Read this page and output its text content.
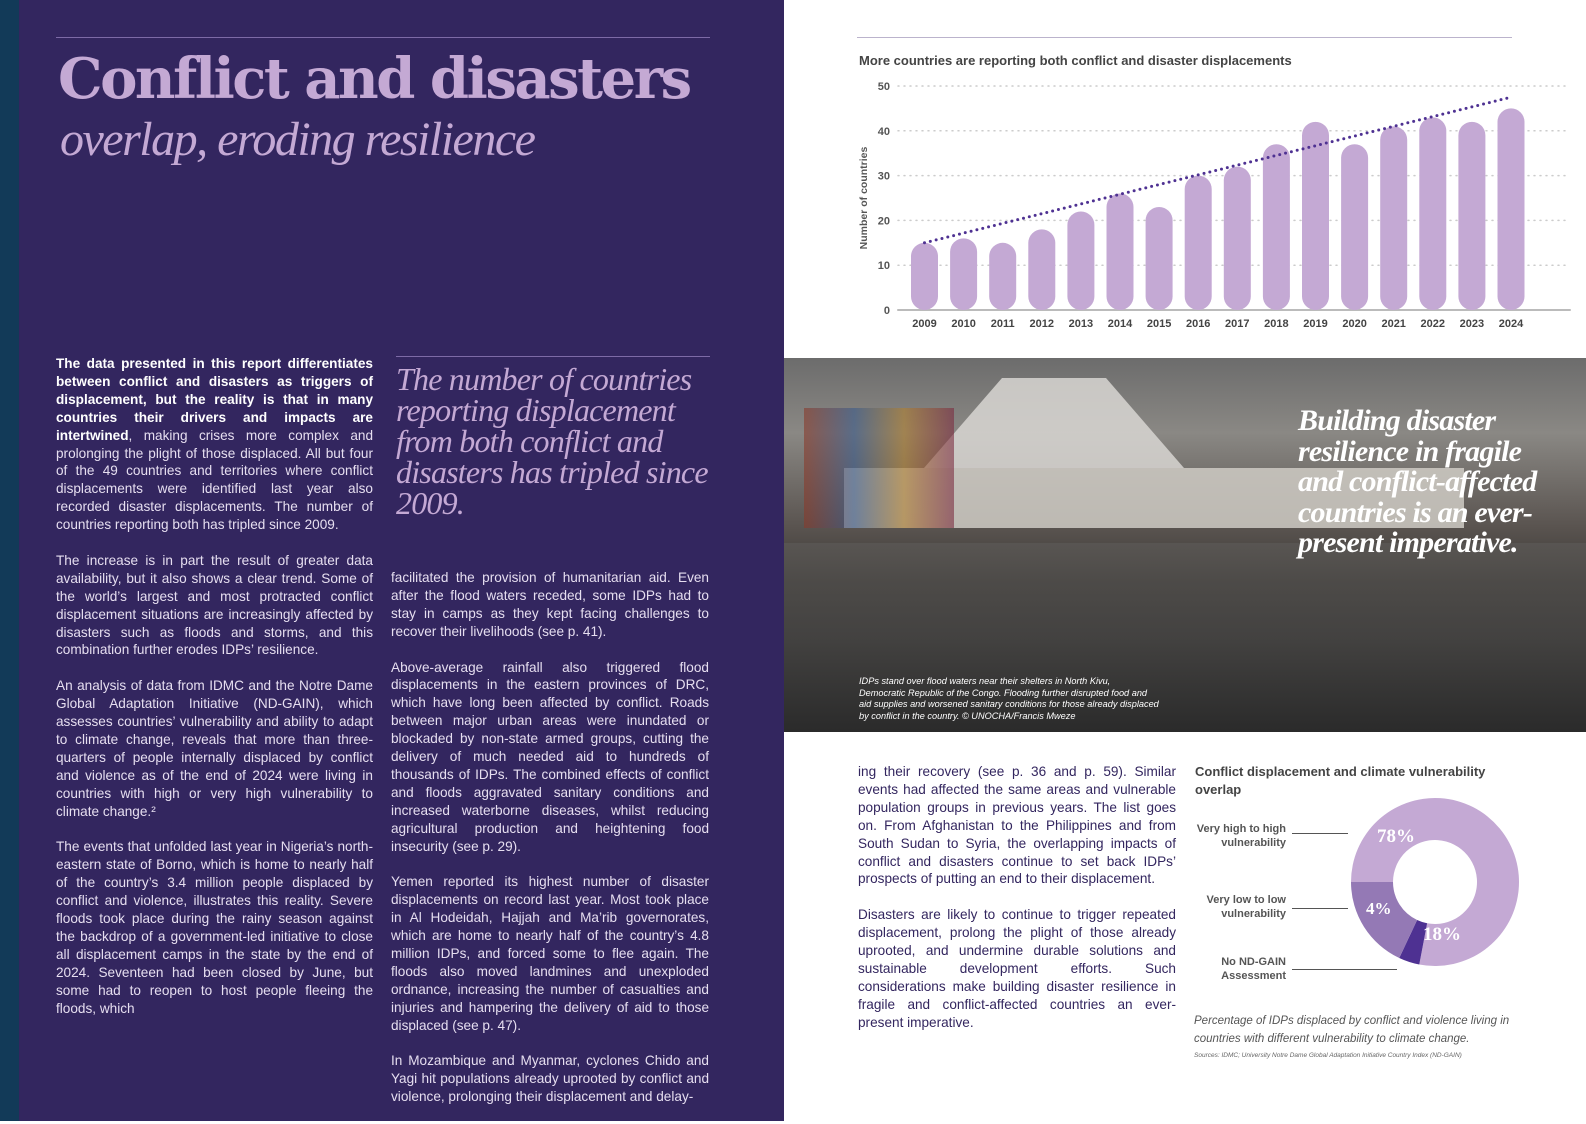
Conflict and disasters
overlap, eroding resilience

The data presented in this report differentiates between conflict and disasters as triggers of displacement, but the reality is that in many countries their drivers and impacts are intertwined, making crises more complex and prolonging the plight of those displaced. All but four of the 49 countries and territories where conflict displacements were identified last year also recorded disaster displacements. The number of countries reporting both has tripled since 2009.

The increase is in part the result of greater data availability, but it also shows a clear trend. Some of the world’s largest and most protracted conflict displacement situations are increasingly affected by disasters such as floods and storms, and this combination further erodes IDPs’ resilience.

An analysis of data from IDMC and the Notre Dame Global Adaptation Initiative (ND-GAIN), which assesses countries’ vulnerability and ability to adapt to climate change, reveals that more than three-quarters of people internally displaced by conflict and violence as of the end of 2024 were living in countries with high or very high vulnerability to climate change.²

The events that unfolded last year in Nigeria’s north-eastern state of Borno, which is home to nearly half of the country’s 3.4 million people displaced by conflict and violence, illustrates this reality. Severe floods took place during the rainy season against the backdrop of a government-led initiative to close all displacement camps in the state by the end of 2024. Seventeen had been closed by June, but some had to reopen to host people fleeing the floods, which

The number of countries reporting displacement from both conflict and disasters has tripled since 2009.

facilitated the provision of humanitarian aid. Even after the flood waters receded, some IDPs had to stay in camps as they kept facing challenges to recover their livelihoods (see p. 41).

Above-average rainfall also triggered flood displacements in the eastern provinces of DRC, which have long been affected by conflict. Roads between major urban areas were inundated or blockaded by non-state armed groups, cutting the delivery of much needed aid to hundreds of thousands of IDPs. The combined effects of conflict and floods aggravated sanitary conditions and increased waterborne diseases, whilst reducing agricultural production and heightening food insecurity (see p. 29).

Yemen reported its highest number of disaster displacements on record last year. Most took place in Al Hodeidah, Hajjah and Ma’rib governorates, which are home to nearly half of the country’s 4.8 million IDPs, and forced some to flee again. The floods also moved landmines and unexploded ordnance, increasing the number of casualties and injuries and hampering the delivery of aid to those displaced (see p. 47).

In Mozambique and Myanmar, cyclones Chido and Yagi hit populations already uprooted by conflict and violence, prolonging their displacement and delay-

More countries are reporting both conflict and disaster displacements
0
10
20
30
40
50
Number of countries
2009 2010 2011 2012 2013 2014 2015 2016 2017 2018 2019 2020 2021 2022 2023 2024
Building disaster resilience in fragile and conflict-affected countries is an ever-present imperative.
IDPs stand over flood waters near their shelters in North Kivu, Democratic Republic of the Congo. Flooding further disrupted food and aid supplies and worsened sanitary conditions for those already displaced by conflict in the country. © UNOCHA/Francis Mweze

ing their recovery (see p. 36 and p. 59). Similar events had affected the same areas and vulnerable population groups in previous years. The list goes on. From Afghanistan to the Philippines and from South Sudan to Syria, the overlapping impacts of conflict and disasters continue to set back IDPs’ prospects of putting an end to their displacement.

Disasters are likely to continue to trigger repeated displacement, prolong the plight of those already uprooted, and undermine durable solutions and sustainable development efforts. Such considerations make building disaster resilience in fragile and conflict-affected countries an ever-present imperative.

Conflict displacement and climate vulnerability overlap
78%
4%
18%
Very high to high vulnerability
Very low to low vulnerability
No ND-GAIN Assessment
Percentage of IDPs displaced by conflict and violence living in countries with different vulnerability to climate change.
Sources: IDMC; University Notre Dame Global Adaptation Initiative Country Index (ND-GAIN)
